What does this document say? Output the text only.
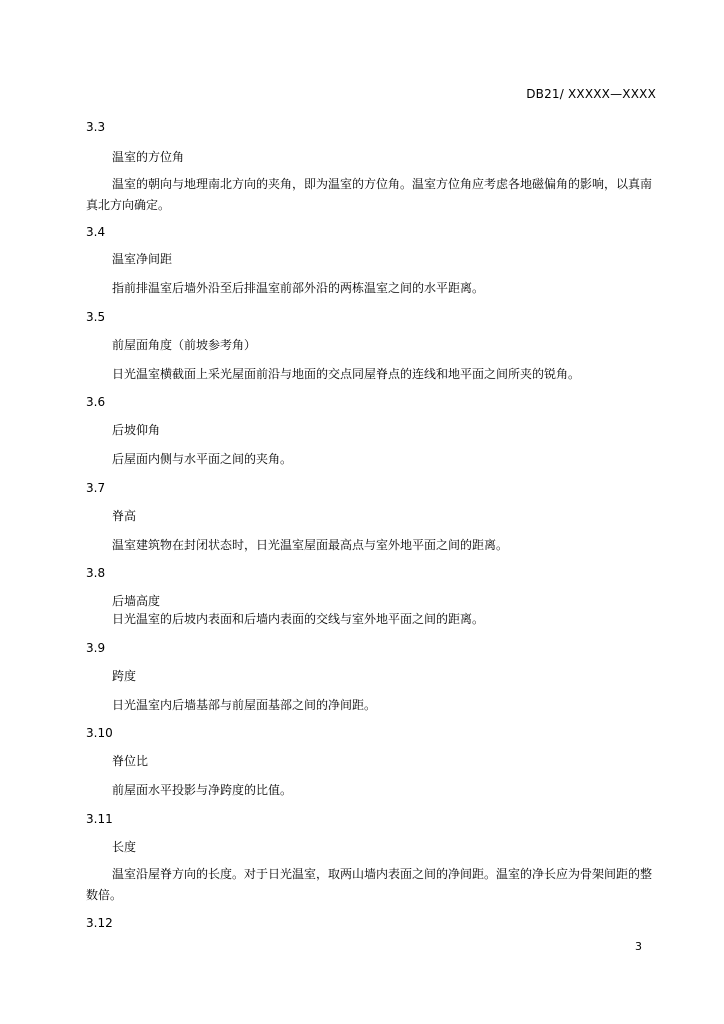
DB21/ XXXXX—XXXX
3.3
温室的方位角
温室的朝向与地理南北方向的夹角，即为温室的方位角。温室方位角应考虑各地磁偏角的影响，以真南真北方向确定。
3.4
温室净间距
指前排温室后墙外沿至后排温室前部外沿的两栋温室之间的水平距离。
3.5
前屋面角度（前坡参考角）
日光温室横截面上采光屋面前沿与地面的交点同屋脊点的连线和地平面之间所夹的锐角。
3.6
后坡仰角
后屋面内侧与水平面之间的夹角。
3.7
脊高
温室建筑物在封闭状态时，日光温室屋面最高点与室外地平面之间的距离。
3.8
后墙高度
日光温室的后坡内表面和后墙内表面的交线与室外地平面之间的距离。
3.9
跨度
日光温室内后墙基部与前屋面基部之间的净间距。
3.10
脊位比
前屋面水平投影与净跨度的比值。
3.11
长度
温室沿屋脊方向的长度。对于日光温室，取两山墙内表面之间的净间距。温室的净长应为骨架间距的整数倍。
3.12
3
